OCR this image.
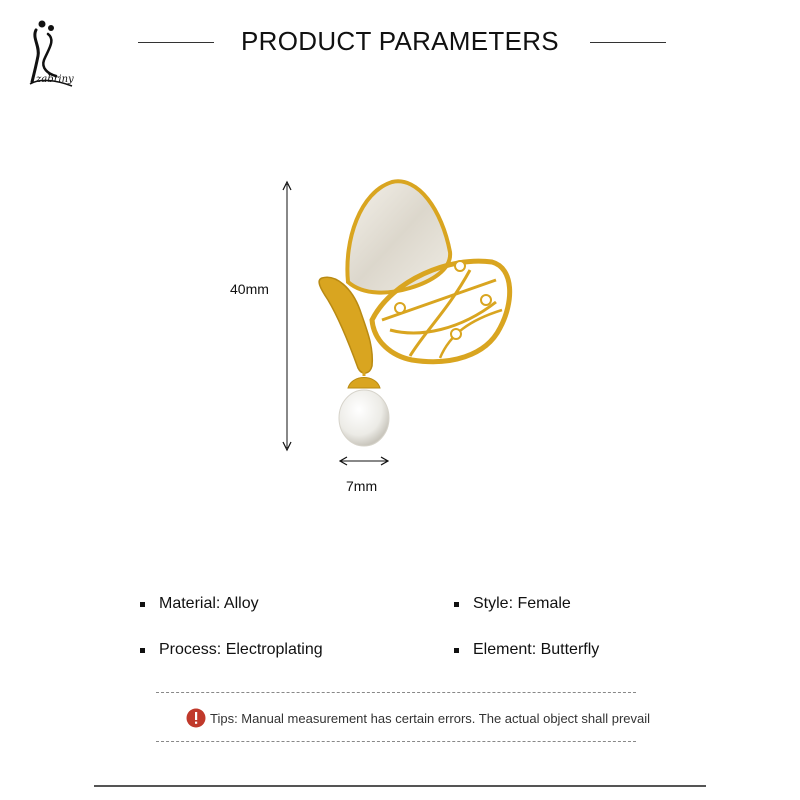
zabriny
PRODUCT PARAMETERS
40mm
7mm
Material: Alloy	Style: Female
Process: Electroplating	Element: Butterfly
Tips: Manual measurement has certain errors. The actual object shall prevail
